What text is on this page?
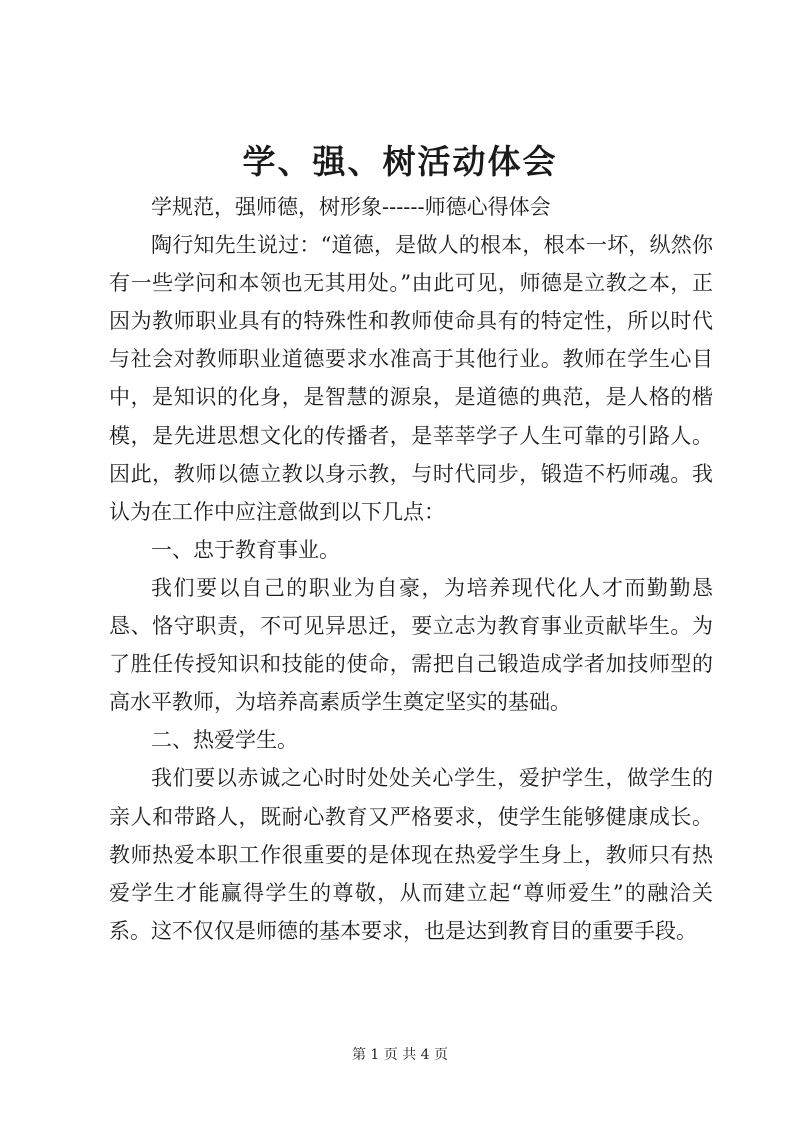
学、强、树活动体会

学规范，强师德，树形象------师德心得体会

陶行知先生说过：“道德，是做人的根本，根本一坏，纵然你有一些学问和本领也无其用处。”由此可见，师德是立教之本，正因为教师职业具有的特殊性和教师使命具有的特定性，所以时代与社会对教师职业道德要求水准高于其他行业。教师在学生心目中，是知识的化身，是智慧的源泉，是道德的典范，是人格的楷模，是先进思想文化的传播者，是莘莘学子人生可靠的引路人。因此，教师以德立教以身示教，与时代同步，锻造不朽师魂。我认为在工作中应注意做到以下几点：

一、忠于教育事业。

我们要以自己的职业为自豪，为培养现代化人才而勤勤恳恳、恪守职责，不可见异思迁，要立志为教育事业贡献毕生。为了胜任传授知识和技能的使命，需把自己锻造成学者加技师型的高水平教师，为培养高素质学生奠定坚实的基础。

二、热爱学生。

我们要以赤诚之心时时处处关心学生，爱护学生，做学生的亲人和带路人，既耐心教育又严格要求，使学生能够健康成长。教师热爱本职工作很重要的是体现在热爱学生身上，教师只有热爱学生才能赢得学生的尊敬，从而建立起“尊师爱生”的融洽关系。这不仅仅是师德的基本要求，也是达到教育目的重要手段。

第 1 页 共 4 页
